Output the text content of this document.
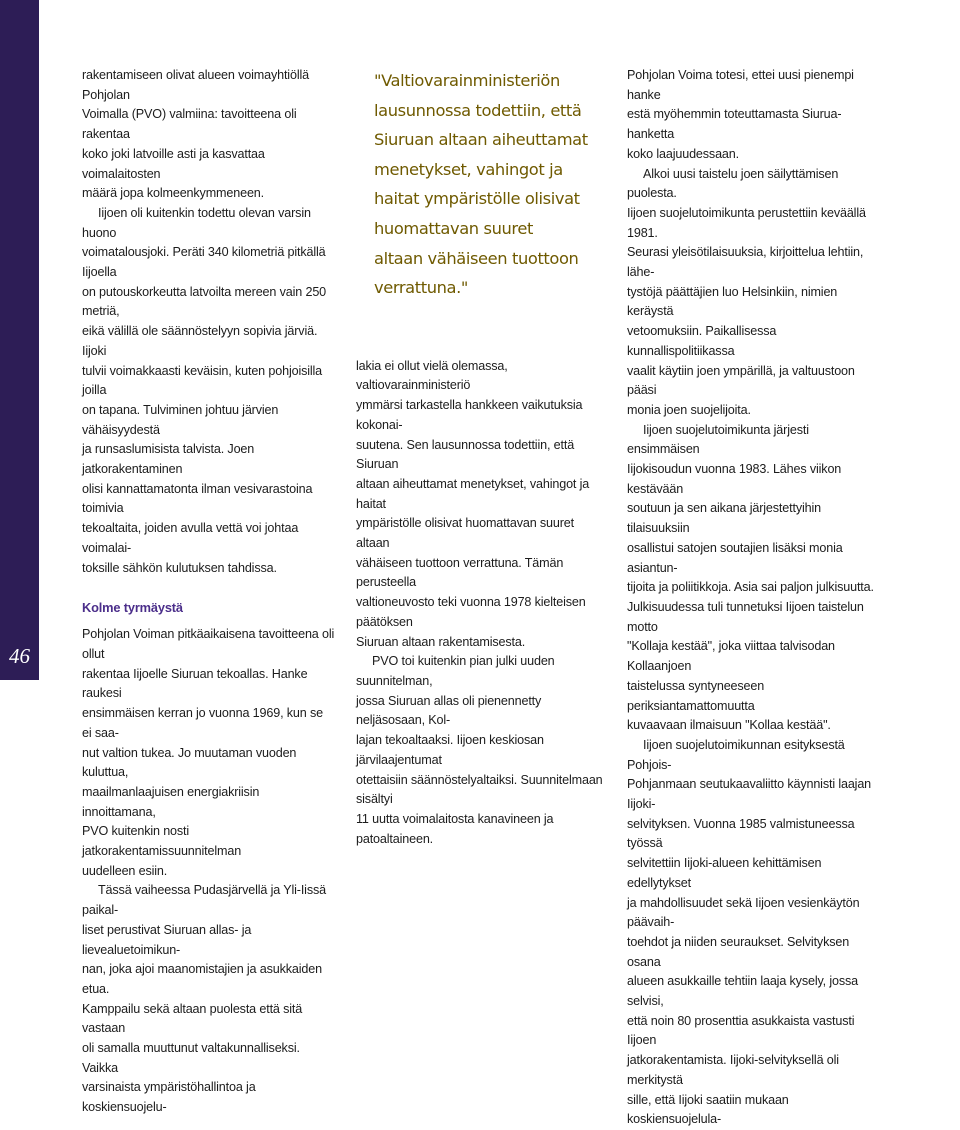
46
rakentamiseen olivat alueen voimayhtiöllä Pohjolan
Voimalla (PVO) valmiina: tavoitteena oli rakentaa
koko joki latvoille asti ja kasvattaa voimalaitosten
määrä jopa kolmeenkymmeneen.
Iijoen oli kuitenkin todettu olevan varsin huono
voimatalousjoki. Peräti 340 kilometriä pitkällä Iijoella
on putouskorkeutta latvoilta mereen vain 250 metriä,
eikä välillä ole säännöstelyyn sopivia järviä. Iijoki
tulvii voimakkaasti keväisin, kuten pohjoisilla joilla
on tapana. Tulviminen johtuu järvien vähäisyydestä
ja runsaslumisista talvista. Joen jatkorakentaminen
olisi kannattamatonta ilman vesivarastoina toimivia
tekoaltaita, joiden avulla vettä voi johtaa voimalai-
toksille sähkön kulutuksen tahdissa.
Kolme tyrmäystä
Pohjolan Voiman pitkäaikaisena tavoitteena oli ollut
rakentaa Iijoelle Siuruan tekoallas. Hanke raukesi
ensimmäisen kerran jo vuonna 1969, kun se ei saa-
nut valtion tukea. Jo muutaman vuoden kuluttua,
maailmanlaajuisen energiakriisin innoittamana,
PVO kuitenkin nosti jatkorakentamissuunnitelman
uudelleen esiin.
Tässä vaiheessa Pudasjärvellä ja Yli-Iissä paikal-
liset perustivat Siuruan allas- ja lievealuetoimikun-
nan, joka ajoi maanomistajien ja asukkaiden etua.
Kamppailu sekä altaan puolesta että sitä vastaan
oli samalla muuttunut valtakunnalliseksi. Vaikka
varsinaista ympäristöhallintoa ja koskiensuojelu-
"Valtiovarainministeriön
lausunnossa todettiin, että
Siuruan altaan aiheuttamat
menetykset, vahingot ja
haitat ympäristölle olisivat
huomattavan suuret
altaan vähäiseen tuottoon
verrattuna."
lakia ei ollut vielä olemassa, valtiovarainministeriö
ymmärsi tarkastella hankkeen vaikutuksia kokonai-
suutena. Sen lausunnossa todettiin, että Siuruan
altaan aiheuttamat menetykset, vahingot ja haitat
ympäristölle olisivat huomattavan suuret altaan
vähäiseen tuottoon verrattuna. Tämän perusteella
valtioneuvosto teki vuonna 1978 kielteisen päätöksen
Siuruan altaan rakentamisesta.
PVO toi kuitenkin pian julki uuden suunnitelman,
jossa Siuruan allas oli pienennetty neljäsosaan, Kol-
lajan tekoaltaaksi. Iijoen keskiosan järvilaajentumat
otettaisiin säännöstelyaltaiksi. Suunnitelmaan sisältyi
11 uutta voimalaitosta kanavineen ja patoaltaineen.
Pohjolan Voima totesi, ettei uusi pienempi hanke
estä myöhemmin toteuttamasta Siurua-hanketta
koko laajuudessaan.
Alkoi uusi taistelu joen säilyttämisen puolesta.
Iijoen suojelutoimikunta perustettiin keväällä 1981.
Seurasi yleisötilaisuuksia, kirjoittelua lehtiin, lähe-
tystöjä päättäjien luo Helsinkiin, nimien keräystä
vetoomuksiin. Paikallisessa kunnallispolitiikassa
vaalit käytiin joen ympärillä, ja valtuustoon pääsi
monia joen suojelijoita.
Iijoen suojelutoimikunta järjesti ensimmäisen
Iijokisoudun vuonna 1983. Lähes viikon kestävään
soutuun ja sen aikana järjestettyihin tilaisuuksiin
osallistui satojen soutajien lisäksi monia asiantun-
tijoita ja poliitikkoja. Asia sai paljon julkisuutta.
Julkisuudessa tuli tunnetuksi Iijoen taistelun motto
"Kollaja kestää", joka viittaa talvisodan Kollaanjoen
taistelussa syntyneeseen periksiantamattomuutta
kuvaavaan ilmaisuun "Kollaa kestää".
Iijoen suojelutoimikunnan esityksestä Pohjois-
Pohjanmaan seutukaavaliitto käynnisti laajan Iijoki-
selvityksen. Vuonna 1985 valmistuneessa työssä
selvitettiin Iijoki-alueen kehittämisen edellytykset
ja mahdollisuudet sekä Iijoen vesienkäytön päävaih-
toehdot ja niiden seuraukset. Selvityksen osana
alueen asukkaille tehtiin laaja kysely, jossa selvisi,
että noin 80 prosenttia asukkaista vastusti Iijoen
jatkorakentamista. Iijoki-selvityksellä oli merkitystä
sille, että Iijoki saatiin mukaan koskiensuojelula-
